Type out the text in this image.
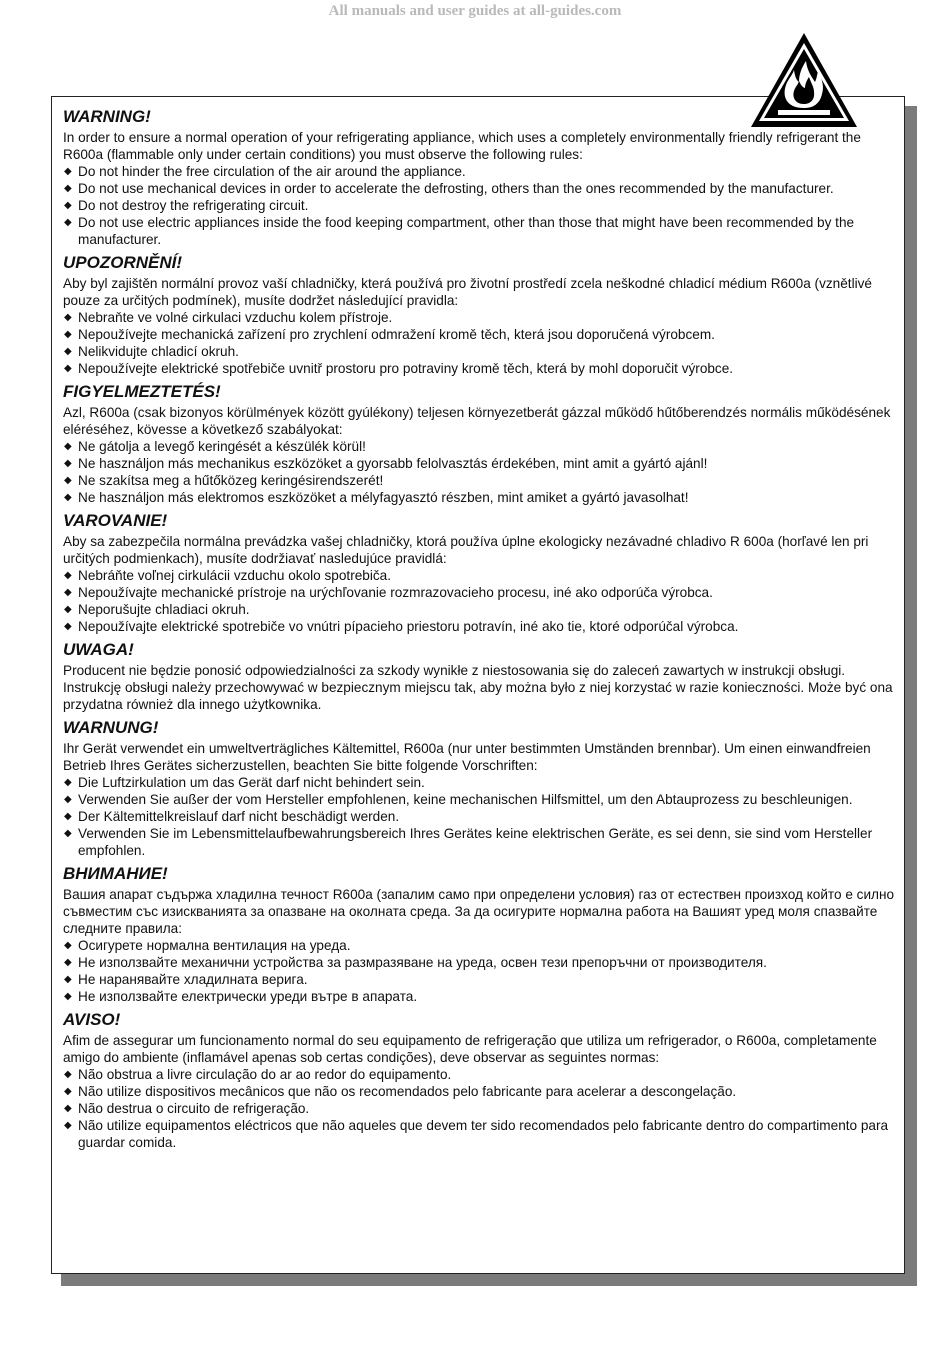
All manuals and user guides at all-guides.com
WARNING!

In order to ensure a normal operation of your refrigerating appliance, which uses a completely environmentally friendly refrigerant the R600a (flammable only under certain conditions) you must observe the following rules:

◆ Do not hinder the free circulation of the air around the appliance.
◆ Do not use mechanical devices in order to accelerate the defrosting, others than the ones recommended by the manufacturer.
◆ Do not destroy the refrigerating circuit.
◆ Do not use electric appliances inside the food keeping compartment, other than those that might have been recommended by the manufacturer.
UPOZORNĚNÍ!

Aby byl zajištěn normální provoz vaší chladničky, která používá pro životní prostředí zcela neškodné chladicí médium R600a (vznětlivé pouze za určitých podmínek), musíte dodržet následující pravidla:

◆ Nebraňte ve volné cirkulaci vzduchu kolem přístroje.
◆ Nepoužívejte mechanická zařízení pro zrychlení odmražení kromě těch, která jsou doporučená výrobcem.
◆ Nelikvidujte chladicí okruh.
◆ Nepoužívejte elektrické spotřebiče uvnitř prostoru pro potraviny kromě těch, která by mohl doporučit výrobce.
FIGYELMEZTETÉS!

Azl, R600a (csak bizonyos körülmények között gyúlékony) teljesen környezetberát gázzal működő hűtőberendzés normális működésének eléréséhez, kövesse a következő szabályokat:

◆ Ne gátolja a levegő keringését a készülék körül!
◆ Ne használjon más mechanikus eszközöket a gyorsabb felolvasztás érdekében, mint amit a gyártó ajánl!
◆ Ne szakítsa meg a hűtőközeg keringésirendszerét!
◆ Ne használjon más elektromos eszközöket a mélyfagyasztó részben, mint amiket a gyártó javasolhat!
VAROVANIE!

Aby sa zabezpečila normálna prevádzka vašej chladničky, ktorá používa úplne ekologicky nezávadné chladivo R 600a (horľavé len pri určitých podmienkach), musíte dodržiavať nasledujúce pravidlá:

◆ Nebráňte voľnej cirkulácii vzduchu okolo spotrebiča.
◆ Nepoužívajte mechanické prístroje na urýchľovanie rozmrazovacieho procesu, iné ako odporúča výrobca.
◆ Neporušujte chladiaci okruh.
◆ Nepoužívajte elektrické spotrebiče vo vnútri pípacieho priestoru potravín, iné ako tie, ktoré odporúčal výrobca.
UWAGA!

Producent nie będzie ponosić odpowiedzialności za szkody wynikłe z niestosowania się do zaleceń zawartych w instrukcji obsługi. Instrukcję obsługi należy przechowywać w bezpiecznym miejscu tak, aby można było z niej korzystać w razie konieczności. Może być ona przydatna również dla innego użytkownika.

WARNUNG!

Ihr Gerät verwendet ein umweltverträgliches Kältemittel, R600a (nur unter bestimmten Umständen brennbar). Um einen einwandfreien Betrieb Ihres Gerätes sicherzustellen, beachten Sie bitte folgende Vorschriften:

◆ Die Luftzirkulation um das Gerät darf nicht behindert sein.
◆ Verwenden Sie außer der vom Hersteller empfohlenen, keine mechanischen Hilfsmittel, um den Abtauprozess zu beschleunigen.
◆ Der Kältemittelkreislauf darf nicht beschädigt werden.
◆ Verwenden Sie im Lebensmittelaufbewahrungsbereich Ihres Gerätes keine elektrischen Geräte, es sei denn, sie sind vom Hersteller empfohlen.
ВНИМАНИЕ!

Вашия апарат съдържа хладилна течност R600a (запалим само при определени условия) газ от естествен произход който е силно съвместим със изискванията за опазване на околната среда. За да осигурите нормална работа на Вашият уред моля спазвайте следните правила:

◆ Осигурете нормална вентилация на уреда.
◆ Не използвайте механични устройства за размразяване на уреда, освен тези препоръчни от производителя.
◆ Не наранявайте хладилната верига.
◆ Не използвайте електрически уреди вътре в апарата.
AVISO!

Afim de assegurar um funcionamento normal do seu equipamento de refrigeração que utiliza um refrigerador, o R600a, completamente amigo do ambiente (inflamável apenas sob certas condições), deve observar as seguintes normas:

◆ Não obstrua a livre circulação do ar ao redor do equipamento.
◆ Não utilize dispositivos mecânicos que não os recomendados pelo fabricante para acelerar a descongelação.
◆ Não destrua o circuito de refrigeração.
◆ Não utilize equipamentos eléctricos que não aqueles que devem ter sido recomendados pelo fabricante dentro do compartimento para guardar comida.
